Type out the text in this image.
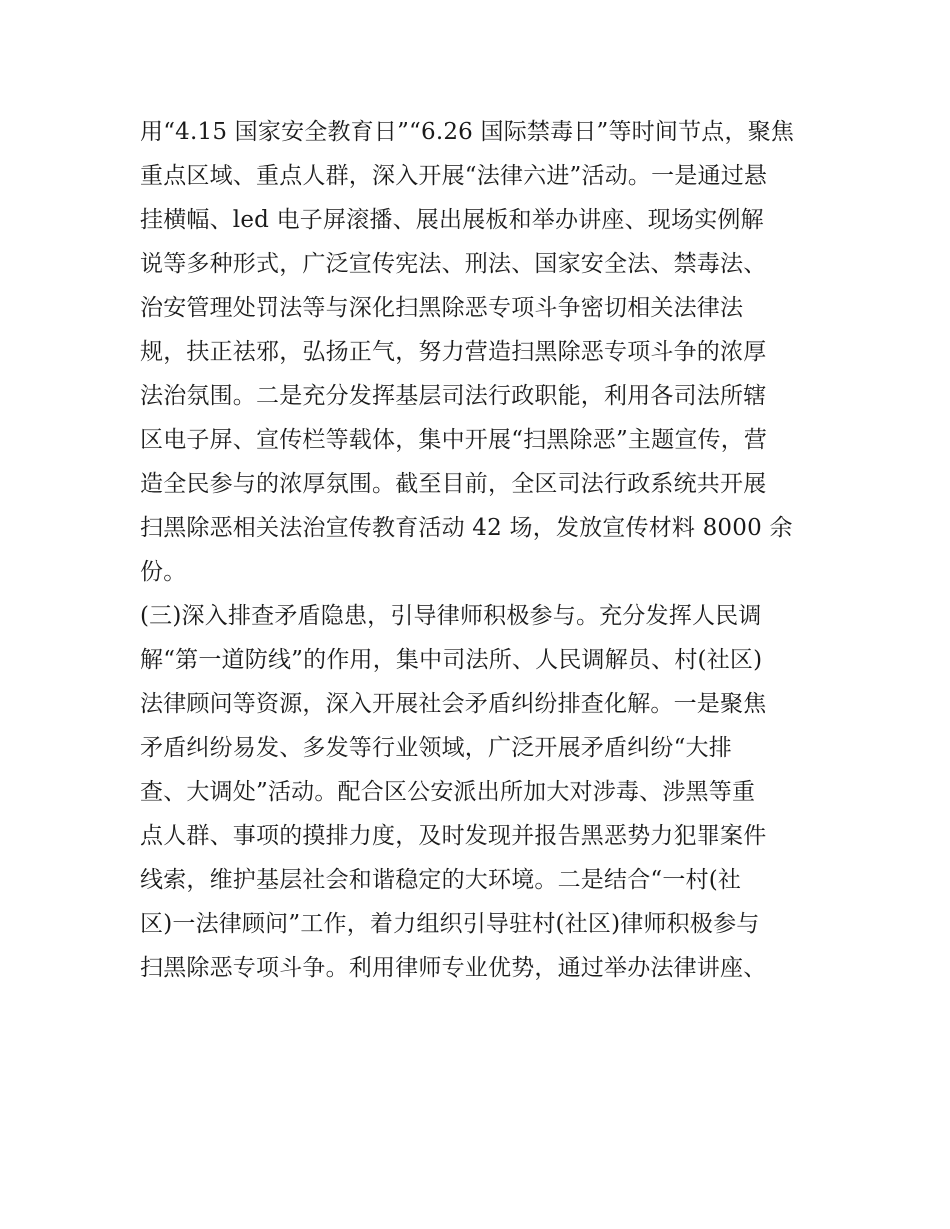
用“4.15 国家安全教育日”“6.26 国际禁毒日”等时间节点，聚焦
重点区域、重点人群，深入开展“法律六进”活动。一是通过悬
挂横幅、led 电子屏滚播、展出展板和举办讲座、现场实例解
说等多种形式，广泛宣传宪法、刑法、国家安全法、禁毒法、
治安管理处罚法等与深化扫黑除恶专项斗争密切相关法律法
规，扶正祛邪，弘扬正气，努力营造扫黑除恶专项斗争的浓厚
法治氛围。二是充分发挥基层司法行政职能，利用各司法所辖
区电子屏、宣传栏等载体，集中开展“扫黑除恶”主题宣传，营
造全民参与的浓厚氛围。截至目前，全区司法行政系统共开展
扫黑除恶相关法治宣传教育活动 42 场，发放宣传材料 8000 余
份。
(三)深入排查矛盾隐患，引导律师积极参与。充分发挥人民调
解“第一道防线”的作用，集中司法所、人民调解员、村(社区)
法律顾问等资源，深入开展社会矛盾纠纷排查化解。一是聚焦
矛盾纠纷易发、多发等行业领域，广泛开展矛盾纠纷“大排
查、大调处”活动。配合区公安派出所加大对涉毒、涉黑等重
点人群、事项的摸排力度，及时发现并报告黑恶势力犯罪案件
线索，维护基层社会和谐稳定的大环境。二是结合“一村(社
区)一法律顾问”工作，着力组织引导驻村(社区)律师积极参与
扫黑除恶专项斗争。利用律师专业优势，通过举办法律讲座、
